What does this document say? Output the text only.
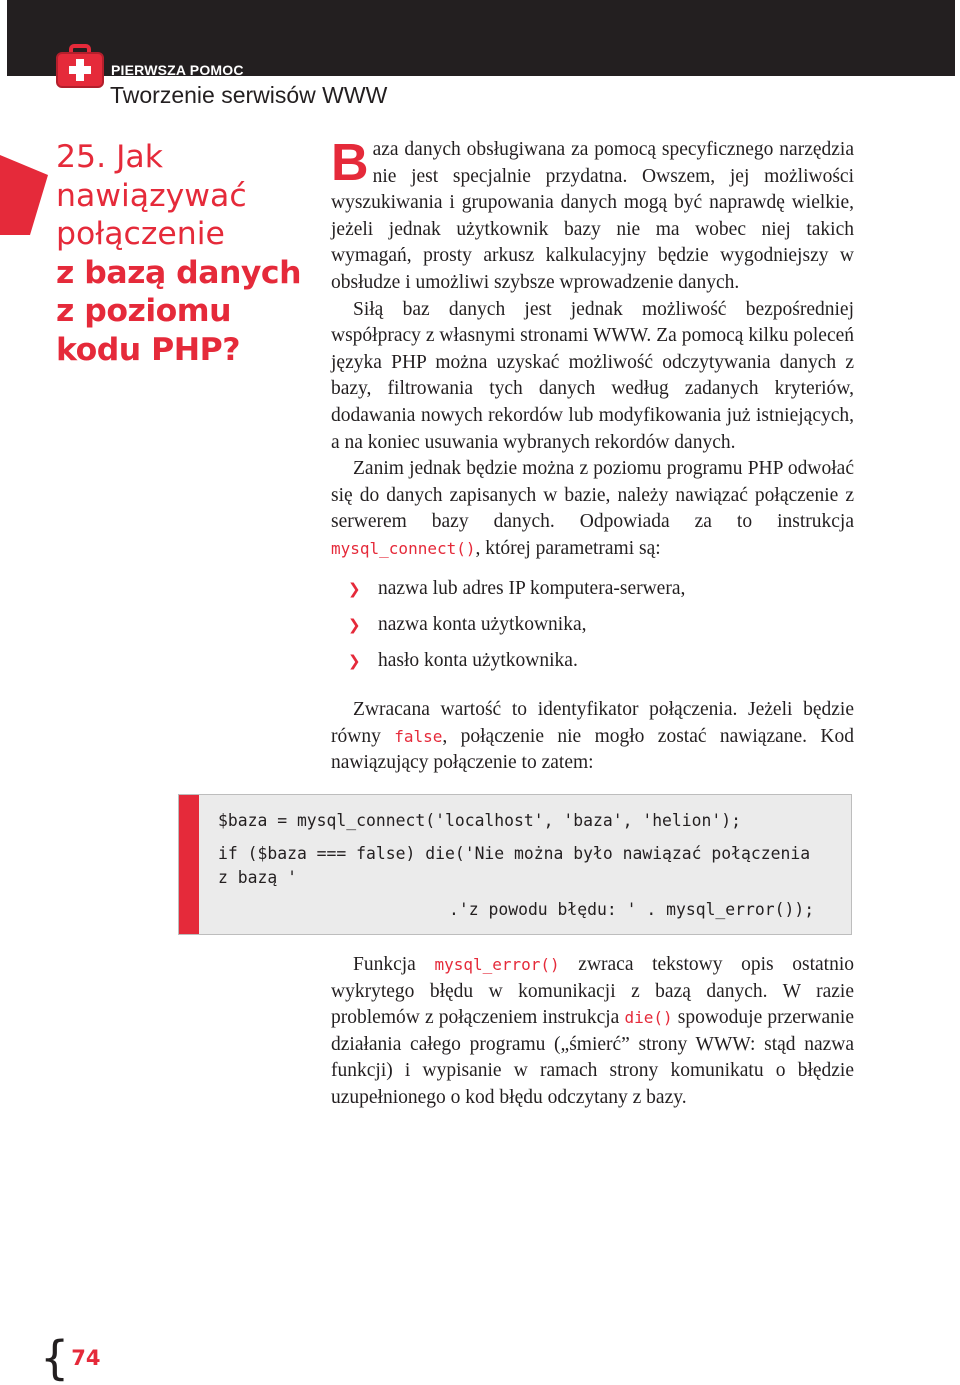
PIERWSZA POMOC
Tworzenie serwisów WWW
25. Jak
nawiązywać
połączenie
z bazą danych
z poziomu
kodu PHP?

Baza danych obsługiwana za pomocą specyficznego narzędzia nie jest specjalnie przydatna. Owszem, jej możliwości wyszukiwania i grupowania danych mogą być naprawdę wielkie, jeżeli jednak użytkownik bazy nie ma wobec niej takich wymagań, prosty arkusz kalkulacyjny będzie wygodniejszy w obsłudze i umożliwi szybsze wprowadzenie danych.

Siłą baz danych jest jednak możliwość bezpośredniej współpracy z własnymi stronami WWW. Za pomocą kilku poleceń języka PHP można uzyskać możliwość odczytywania danych z bazy, filtrowania tych danych według zadanych kryteriów, dodawania nowych rekordów lub modyfikowania już istniejących, a na koniec usuwania wybranych rekordów danych.

Zanim jednak będzie można z poziomu programu PHP odwołać się do danych zapisanych w bazie, należy nawiązać połączenie z serwerem bazy danych. Odpowiada za to instrukcja mysql_connect(), której parametrami są:

❯ nazwa lub adres IP komputera-serwera,
❯ nazwa konta użytkownika,
❯ hasło konta użytkownika.

Zwracana wartość to identyfikator połączenia. Jeżeli będzie równy false, połączenie nie mogło zostać nawiązane. Kod nawiązujący połączenie to zatem:

$baza = mysql_connect('localhost', 'baza', 'helion');
if ($baza === false) die('Nie można było nawiązać połączenia
z bazą '
.'z powodu błędu: ' . mysql_error());

Funkcja mysql_error() zwraca tekstowy opis ostatnio wykrytego błędu w komunikacji z bazą danych. W razie problemów z połączeniem instrukcja die() spowoduje przerwanie działania całego programu („śmierć” strony WWW: stąd nazwa funkcji) i wypisanie w ramach strony komunikatu o błędzie uzupełnionego o kod błędu odczytany z bazy.

{74
